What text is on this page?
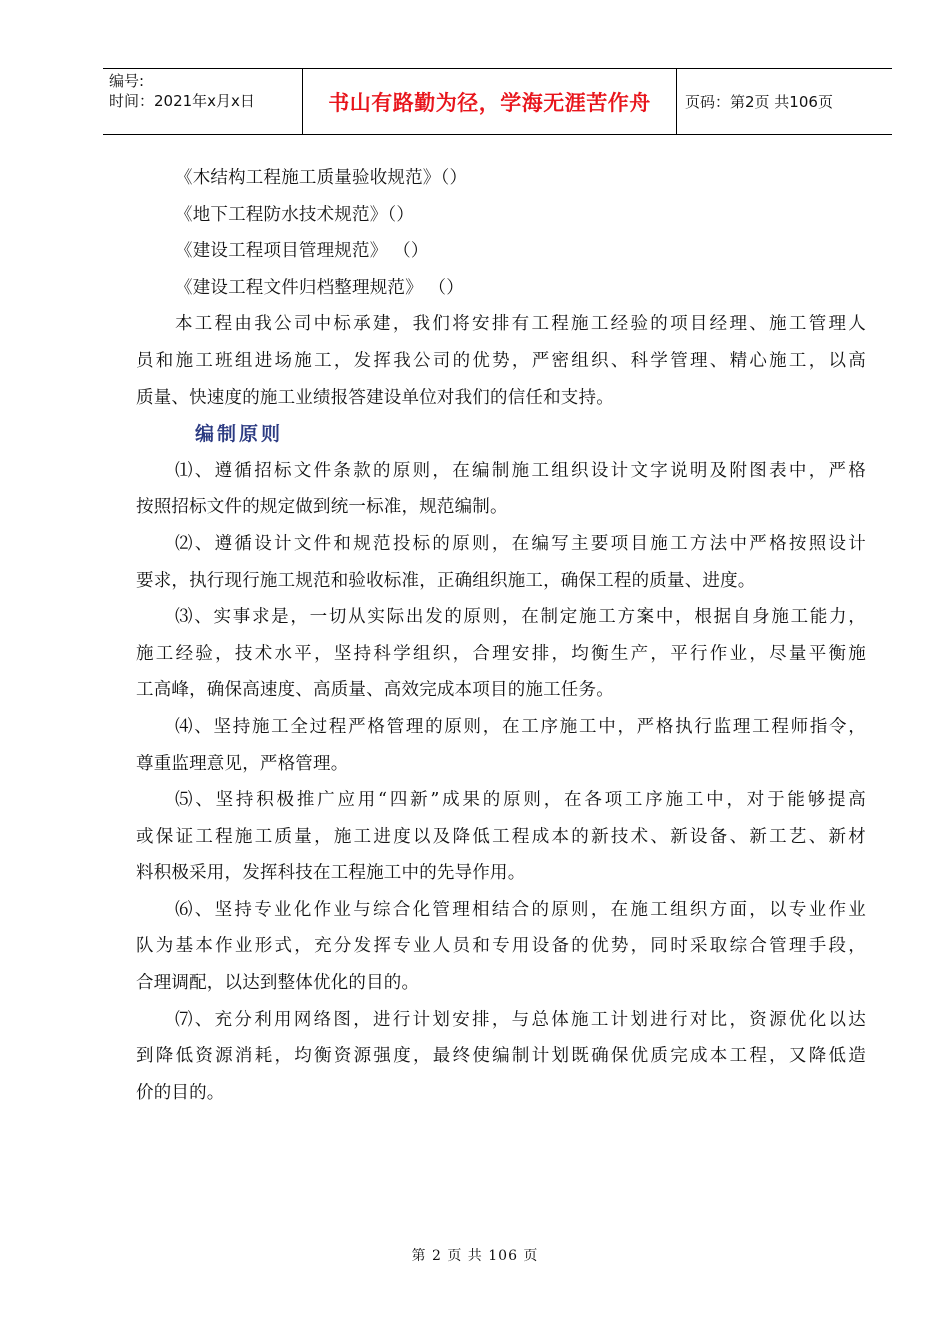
编号:
时间：2021年x月x日	书山有路勤为径，学海无涯苦作舟	页码：第2页 共106页
《木结构工程施工质量验收规范》（）
《地下工程防水技术规范》（）
《建设工程项目管理规范》 （）
《建设工程文件归档整理规范》 （）
本工程由我公司中标承建，我们将安排有工程施工经验的项目经理、施工管理人
员和施工班组进场施工，发挥我公司的优势，严密组织、科学管理、精心施工，以高
质量、快速度的施工业绩报答建设单位对我们的信任和支持。
编制原则
⑴、遵循招标文件条款的原则，在编制施工组织设计文字说明及附图表中，严格
按照招标文件的规定做到统一标准，规范编制。
⑵、遵循设计文件和规范投标的原则，在编写主要项目施工方法中严格按照设计
要求，执行现行施工规范和验收标准，正确组织施工，确保工程的质量、进度。
⑶、实事求是，一切从实际出发的原则，在制定施工方案中，根据自身施工能力，
施工经验，技术水平，坚持科学组织，合理安排，均衡生产，平行作业，尽量平衡施
工高峰，确保高速度、高质量、高效完成本项目的施工任务。
⑷、坚持施工全过程严格管理的原则，在工序施工中，严格执行监理工程师指令，
尊重监理意见，严格管理。
⑸、坚持积极推广应用“四新”成果的原则，在各项工序施工中，对于能够提高
或保证工程施工质量，施工进度以及降低工程成本的新技术、新设备、新工艺、新材
料积极采用，发挥科技在工程施工中的先导作用。
⑹、坚持专业化作业与综合化管理相结合的原则，在施工组织方面，以专业作业
队为基本作业形式，充分发挥专业人员和专用设备的优势，同时采取综合管理手段，
合理调配，以达到整体优化的目的。
⑺、充分利用网络图，进行计划安排，与总体施工计划进行对比，资源优化以达
到降低资源消耗，均衡资源强度，最终使编制计划既确保优质完成本工程，又降低造
价的目的。
第 2 页 共 106 页
